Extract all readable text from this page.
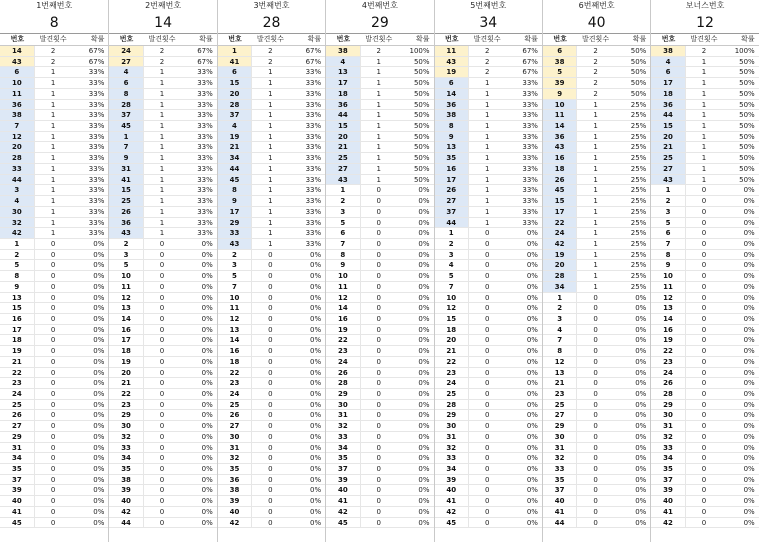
1번째번호
8
번호	발견횟수	확률
14	2	67%
43	2	67%
6	1	33%
10	1	33%
11	1	33%
36	1	33%
38	1	33%
7	1	33%
12	1	33%
20	1	33%
28	1	33%
33	1	33%
44	1	33%
3	1	33%
4	1	33%
30	1	33%
32	1	33%
42	1	33%
1	0	0%
2	0	0%
5	0	0%
8	0	0%
9	0	0%
13	0	0%
15	0	0%
16	0	0%
17	0	0%
18	0	0%
19	0	0%
21	0	0%
22	0	0%
23	0	0%
24	0	0%
25	0	0%
26	0	0%
27	0	0%
29	0	0%
31	0	0%
34	0	0%
35	0	0%
37	0	0%
39	0	0%
40	0	0%
41	0	0%
45	0	0%
2번째번호
14
번호	발견횟수	확률
24	2	67%
27	2	67%
4	1	33%
6	1	33%
8	1	33%
28	1	33%
37	1	33%
45	1	33%
1	1	33%
7	1	33%
9	1	33%
31	1	33%
41	1	33%
15	1	33%
25	1	33%
26	1	33%
36	1	33%
43	1	33%
2	0	0%
3	0	0%
5	0	0%
10	0	0%
11	0	0%
12	0	0%
13	0	0%
14	0	0%
16	0	0%
17	0	0%
18	0	0%
19	0	0%
20	0	0%
21	0	0%
22	0	0%
23	0	0%
29	0	0%
30	0	0%
32	0	0%
33	0	0%
34	0	0%
35	0	0%
38	0	0%
39	0	0%
40	0	0%
42	0	0%
44	0	0%
3번째번호
28
번호	발견횟수	확률
1	2	67%
41	2	67%
6	1	33%
15	1	33%
20	1	33%
28	1	33%
37	1	33%
4	1	33%
19	1	33%
21	1	33%
34	1	33%
44	1	33%
45	1	33%
8	1	33%
9	1	33%
17	1	33%
29	1	33%
33	1	33%
43	1	33%
2	0	0%
3	0	0%
5	0	0%
7	0	0%
10	0	0%
11	0	0%
12	0	0%
13	0	0%
14	0	0%
16	0	0%
18	0	0%
22	0	0%
23	0	0%
24	0	0%
25	0	0%
26	0	0%
27	0	0%
30	0	0%
31	0	0%
32	0	0%
35	0	0%
36	0	0%
38	0	0%
39	0	0%
40	0	0%
42	0	0%
4번째번호
29
번호	발견횟수	확률
38	2	100%
4	1	50%
13	1	50%
17	1	50%
18	1	50%
36	1	50%
44	1	50%
15	1	50%
20	1	50%
21	1	50%
25	1	50%
27	1	50%
43	1	50%
1	0	0%
2	0	0%
3	0	0%
5	0	0%
6	0	0%
7	0	0%
8	0	0%
9	0	0%
10	0	0%
11	0	0%
12	0	0%
14	0	0%
16	0	0%
19	0	0%
22	0	0%
23	0	0%
24	0	0%
26	0	0%
28	0	0%
29	0	0%
30	0	0%
31	0	0%
32	0	0%
33	0	0%
34	0	0%
35	0	0%
37	0	0%
39	0	0%
40	0	0%
41	0	0%
42	0	0%
45	0	0%
5번째번호
34
번호	발견횟수	확률
11	2	67%
43	2	67%
19	2	67%
6	1	33%
14	1	33%
36	1	33%
38	1	33%
8	1	33%
9	1	33%
13	1	33%
35	1	33%
16	1	33%
17	1	33%
26	1	33%
27	1	33%
37	1	33%
44	1	33%
1	0	0%
2	0	0%
3	0	0%
4	0	0%
5	0	0%
7	0	0%
10	0	0%
12	0	0%
15	0	0%
18	0	0%
20	0	0%
21	0	0%
22	0	0%
23	0	0%
24	0	0%
25	0	0%
28	0	0%
29	0	0%
30	0	0%
31	0	0%
32	0	0%
33	0	0%
34	0	0%
39	0	0%
40	0	0%
41	0	0%
42	0	0%
45	0	0%
6번째번호
40
번호	발견횟수	확률
6	2	50%
38	2	50%
5	2	50%
39	2	50%
9	2	50%
10	1	25%
11	1	25%
14	1	25%
36	1	25%
43	1	25%
16	1	25%
18	1	25%
26	1	25%
45	1	25%
15	1	25%
17	1	25%
22	1	25%
24	1	25%
42	1	25%
19	1	25%
20	1	25%
28	1	25%
34	1	25%
1	0	0%
2	0	0%
3	0	0%
4	0	0%
7	0	0%
8	0	0%
12	0	0%
13	0	0%
21	0	0%
23	0	0%
25	0	0%
27	0	0%
29	0	0%
30	0	0%
31	0	0%
32	0	0%
33	0	0%
35	0	0%
37	0	0%
40	0	0%
41	0	0%
44	0	0%
보너스번호
12
번호	발견횟수	확률
38	2	100%
4	1	50%
6	1	50%
17	1	50%
18	1	50%
36	1	50%
44	1	50%
15	1	50%
20	1	50%
21	1	50%
25	1	50%
27	1	50%
43	1	50%
1	0	0%
2	0	0%
3	0	0%
5	0	0%
6	0	0%
7	0	0%
8	0	0%
9	0	0%
10	0	0%
11	0	0%
12	0	0%
13	0	0%
14	0	0%
16	0	0%
19	0	0%
22	0	0%
23	0	0%
24	0	0%
26	0	0%
28	0	0%
29	0	0%
30	0	0%
31	0	0%
32	0	0%
33	0	0%
34	0	0%
35	0	0%
37	0	0%
39	0	0%
40	0	0%
41	0	0%
42	0	0%
